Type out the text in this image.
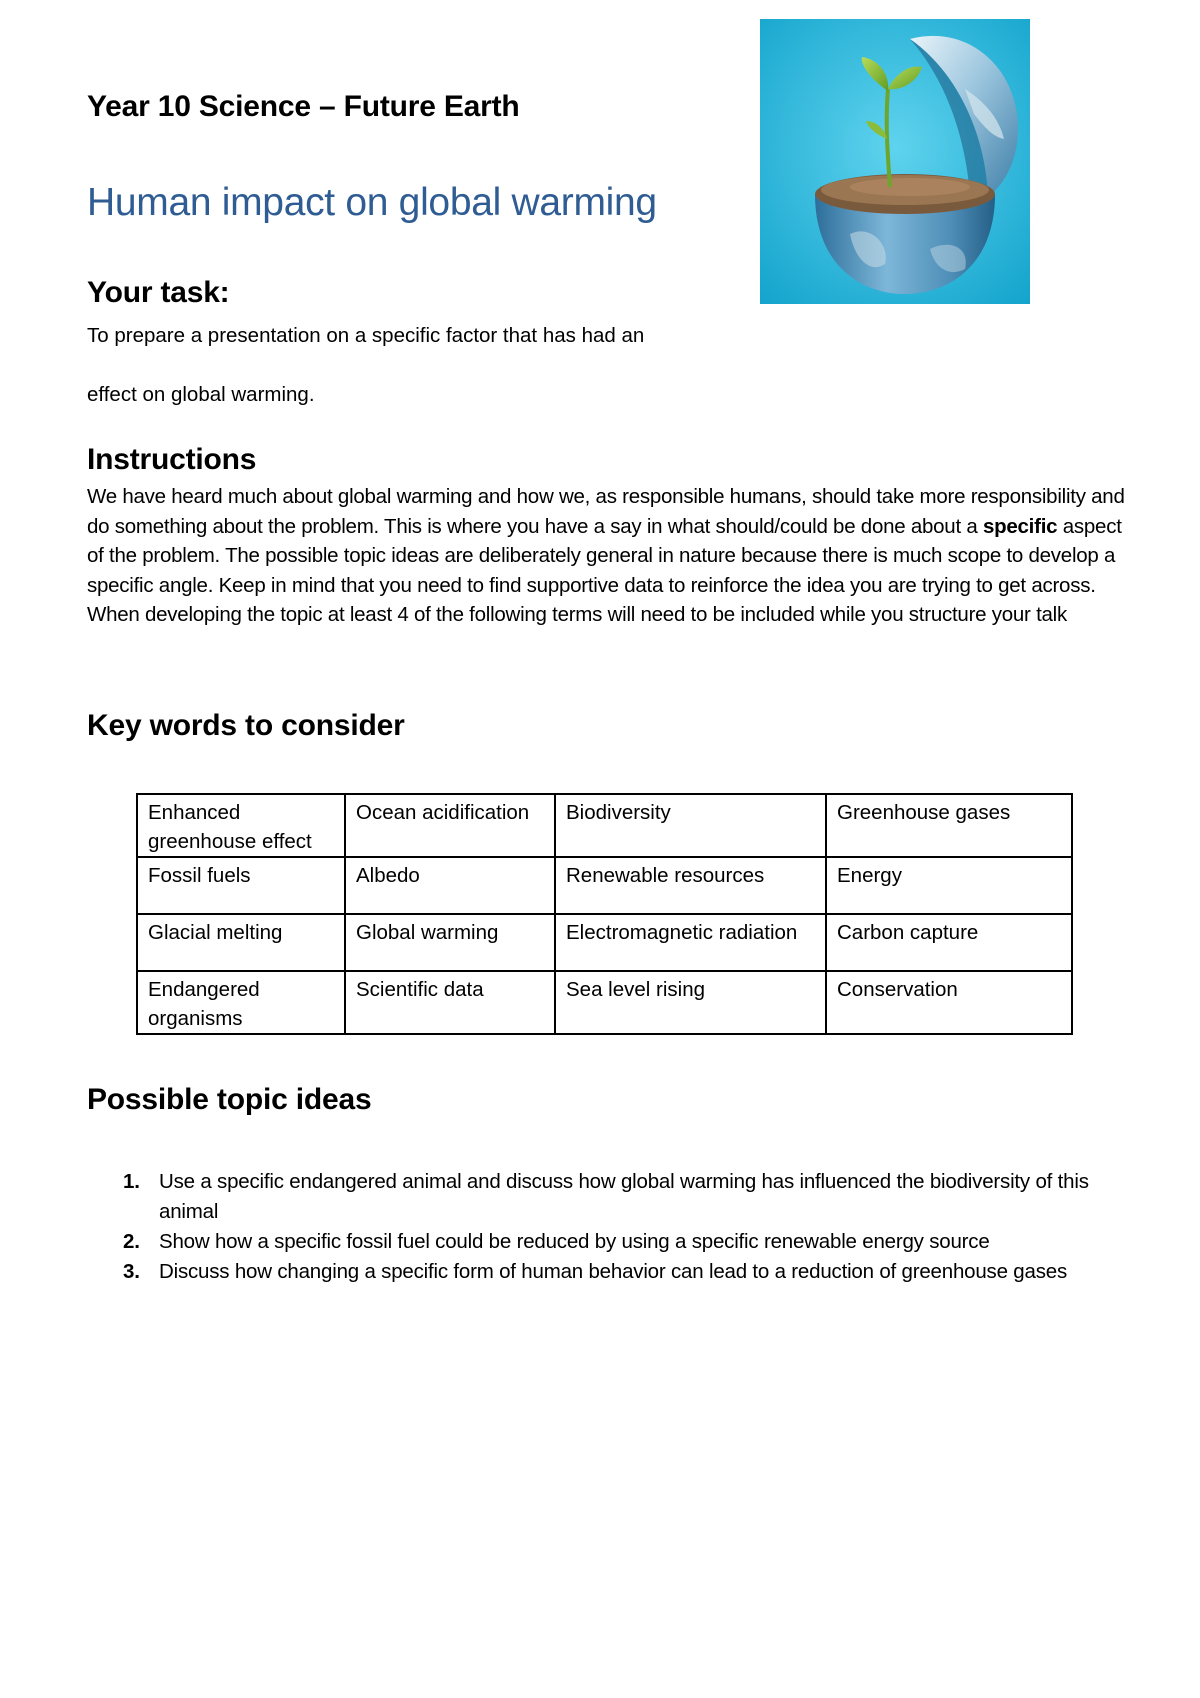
Year 10 Science – Future Earth
Human impact on global warming
Your task:
To prepare a presentation on a specific factor that has had an
effect on global warming.
Instructions
We have heard much about global warming and how we, as responsible humans, should take more responsibility and do something about the problem. This is where you have a say in what should/could be done about a specific aspect of the problem. The possible topic ideas are deliberately general in nature because there is much scope to develop a specific angle. Keep in mind that you need to find supportive data to reinforce the idea you are trying to get across. When developing the topic at least 4 of the following terms will need to be included while you structure your talk
Key words to consider
Enhanced greenhouse effect	Ocean acidification	Biodiversity	Greenhouse gases
Fossil fuels	Albedo	Renewable resources	Energy
Glacial melting	Global warming	Electromagnetic radiation	Carbon capture
Endangered organisms	Scientific data	Sea level rising	Conservation
Possible topic ideas
1. Use a specific endangered animal and discuss how global warming has influenced the biodiversity of this animal
2. Show how a specific fossil fuel could be reduced by using a specific renewable energy source
3. Discuss how changing a specific form of human behavior can lead to a reduction of greenhouse gases
